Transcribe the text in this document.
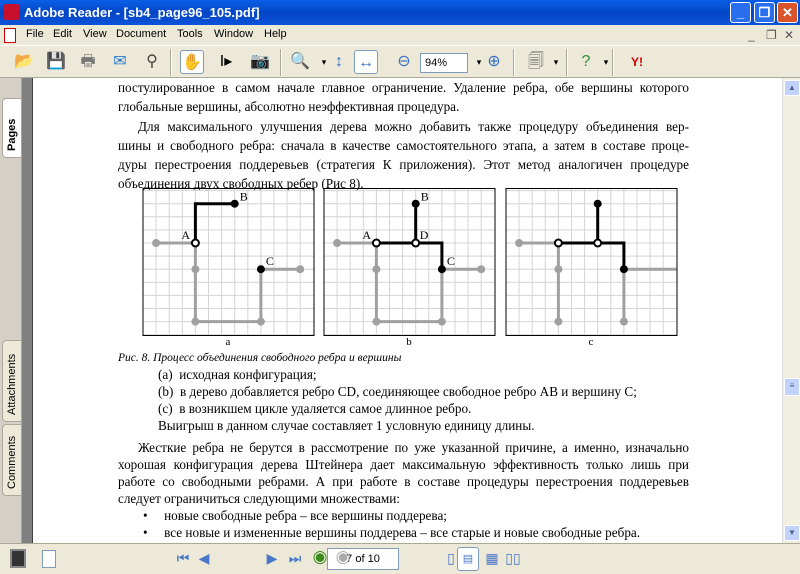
Adobe Reader - [sb4_page96_105.pdf]	_	❐ ✕
File Edit View Document Tools Window Help	_ ❐ ✕
📂 💾 🖶	✉	⚲	✋	I▸	📷 🔍	▾ ↕ ↔	⊖	94%	▾ ⊕	🗐	▾	?	▾	Y!
Pages
Attachments
Comments
постулированное в самом начале главное ограничение. Удаление ребра, обе вершины которого
глобальные вершины, абсолютно неэффективная процедура.
Для максимального улучшения дерева можно добавить также процедуру объединения вер-
шины и свободного ребра: сначала в качестве самостоятельного этапа, а затем в составе проце-
дуры перестроения поддеревьев (стратегия К приложения). Этот метод аналогичен процедуре
объединения двух свободных ребер (Рис 8).
A
B
C
a
A
B
D
C
b	c
Рис. 8. Процесс объединения свободного ребра и вершины
(a) исходная конфигурация;
(b) в дерево добавляется ребро CD, соединяющее свободное ребро AB и вершину C;
(c) в возникшем цикле удаляется самое длинное ребро.
Выигрыш в данном случае составляет 1 условную единицу длины.
Жесткие ребра не берутся в рассмотрение по уже указанной причине, а именно, изначально
хорошая конфигурация дерева Штейнера дает максимальную эффективность только лишь при
работе со свободными ребрами. А при работе в составе процедуры перестроения поддеревьев
следует ограничиться следующими множествами:
•     новые свободные ребра – все вершины поддерева;
•     все новые и измененные вершины поддерева – все старые и новые свободные ребра.
▲
≡
▼
⏮ ◀	7 of 10
▶ ⏭ ◉ ◉	▯ ▤ ▦ ▯▯
